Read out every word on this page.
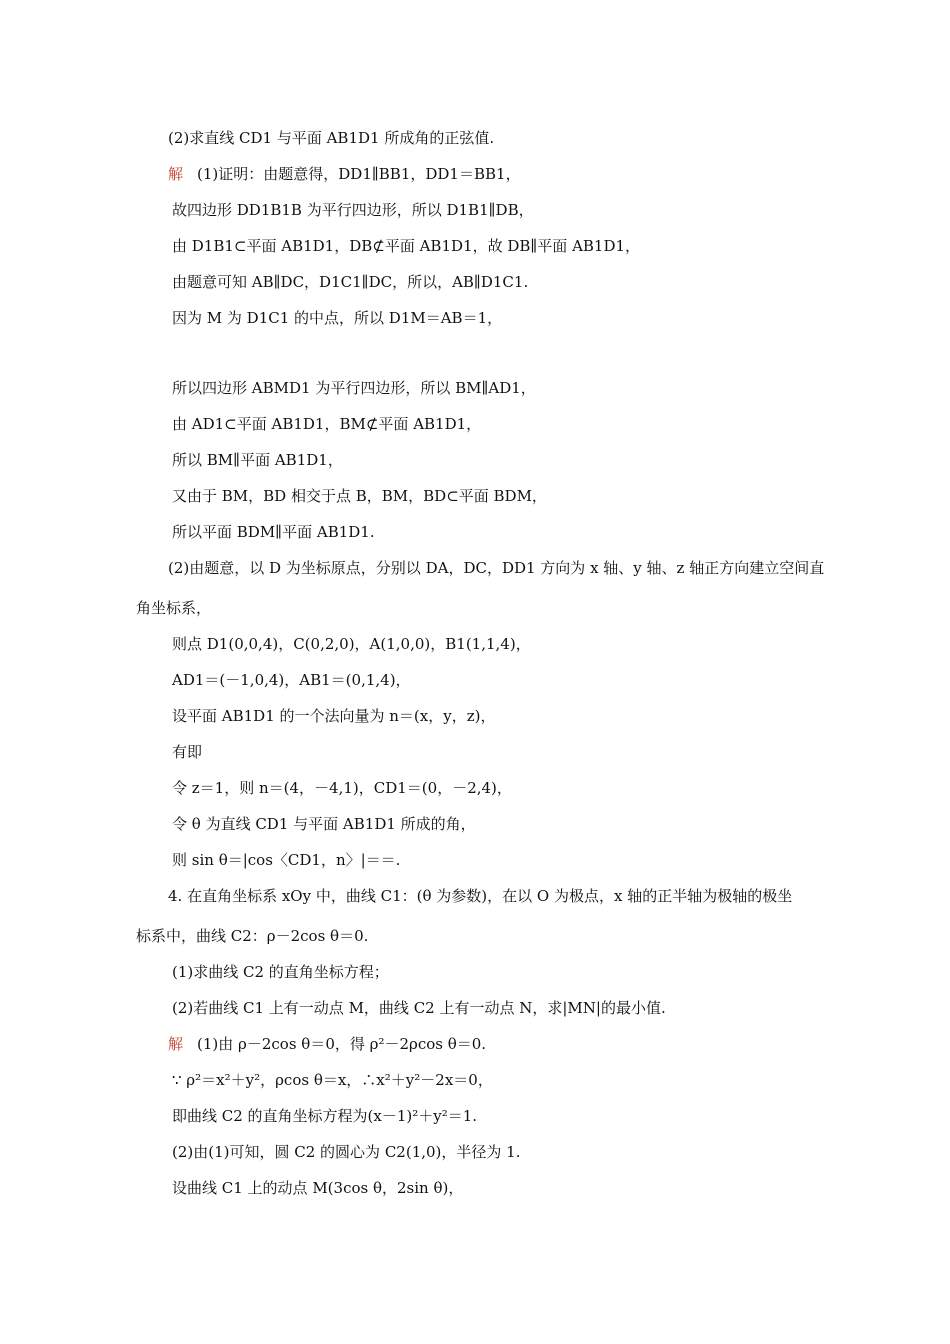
(2)求直线 CD1 与平面 AB1D1 所成角的正弦值.
解 (1)证明：由题意得，DD1∥BB1，DD1＝BB1，
故四边形 DD1B1B 为平行四边形，所以 D1B1∥DB，
由 D1B1⊂平面 AB1D1，DB⊄平面 AB1D1，故 DB∥平面 AB1D1，
由题意可知 AB∥DC，D1C1∥DC，所以，AB∥D1C1.
因为 M 为 D1C1 的中点，所以 D1M＝AB＝1，
所以四边形 ABMD1 为平行四边形，所以 BM∥AD1，
由 AD1⊂平面 AB1D1，BM⊄平面 AB1D1，
所以 BM∥平面 AB1D1，
又由于 BM，BD 相交于点 B，BM，BD⊂平面 BDM，
所以平面 BDM∥平面 AB1D1.
(2)由题意，以 D 为坐标原点，分别以 DA，DC，DD1 方向为 x 轴、y 轴、z 轴正方向建立空间直
角坐标系，
则点 D1(0,0,4)，C(0,2,0)，A(1,0,0)，B1(1,1,4)，
AD1＝(－1,0,4)，AB1＝(0,1,4)，
设平面 AB1D1 的一个法向量为 n＝(x，y，z)，
有即
令 z＝1，则 n＝(4，－4,1)，CD1＝(0，－2,4)，
令 θ 为直线 CD1 与平面 AB1D1 所成的角，
则 sin θ＝|cos〈CD1，n〉|＝＝.
4. 在直角坐标系 xOy 中，曲线 C1：(θ 为参数)，在以 O 为极点，x 轴的正半轴为极轴的极坐
标系中，曲线 C2：ρ－2cos θ＝0.
(1)求曲线 C2 的直角坐标方程；
(2)若曲线 C1 上有一动点 M，曲线 C2 上有一动点 N，求|MN|的最小值.
解 (1)由 ρ－2cos θ＝0，得 ρ²－2ρcos θ＝0.
∵ ρ²＝x²＋y²，ρcos θ＝x，∴x²＋y²－2x＝0，
即曲线 C2 的直角坐标方程为(x－1)²＋y²＝1.
(2)由(1)可知，圆 C2 的圆心为 C2(1,0)，半径为 1.
设曲线 C1 上的动点 M(3cos θ，2sin θ)，
